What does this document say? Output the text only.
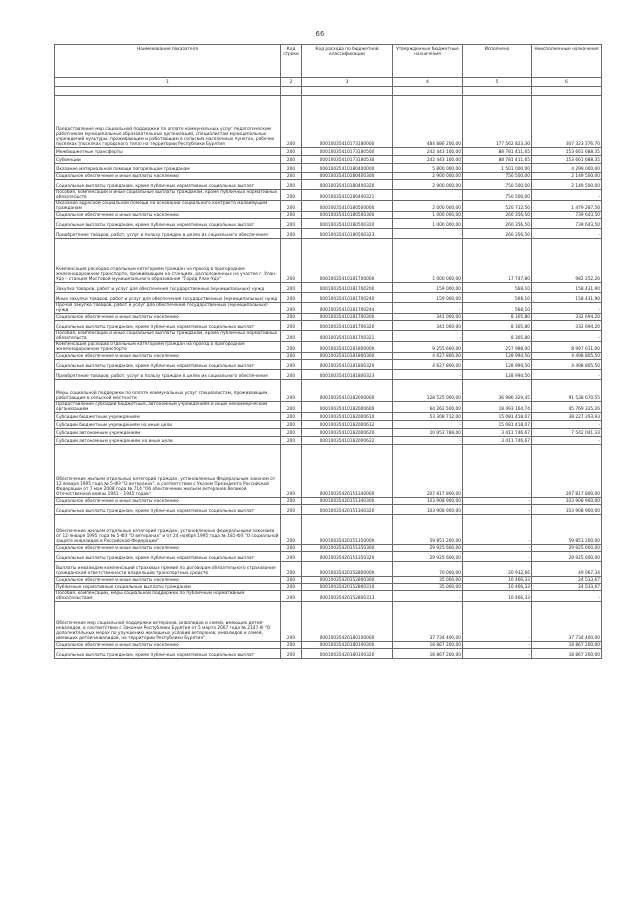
66
Наименование показателя	Код строки	Код расхода по бюджетной классификации	Утвержденные бюджетные назначения	Исполнено	Неисполненные назначения
1	2	3	4	5	6

Предоставление мер социальной поддержки по оплате коммунальных услуг педагогическим работникам муниципальных образовательных организаций, специалистам муниципальных учреждений культуры, проживающим и работающим в сельских населенных пунктах, рабочих поселках (поселках городского типа) на территории Республики Бурятия	200	00010035410173180000	484 886 200,00	177 562 823,30	307 323 376,70
Межбюджетные трансферты	200	00010035410173180500	242 443 100,00	88 781 411,65	153 661 688,35
Субвенции	200	00010035410173180530	242 443 100,00	88 781 411,65	153 661 688,35
Оказание материальной помощи погорельцам гражданам	200	00010035410180400000	5 800 000,00	1 501 000,00	4 299 000,00
Социальное обеспечение и иные выплаты населению	200	00010035410180400300	2 900 000,00	750 500,00	2 149 500,00
Социальные выплаты гражданам, кроме публичных нормативных социальных выплат	200	00010035410180400320	2 900 000,00	750 500,00	2 149 500,00
Пособия, компенсации и иные социальные выплаты гражданам, кроме публичных нормативных обязательств	200	00010035410180400321	-	750 500,00	-
Оказание адресной социальной помощи на основании социального контракта малоимущим гражданам	200	00010035410180500000	2 000 000,00	520 712,50	1 479 287,50
Социальное обеспечение и иные выплаты населению	200	00010035410180500300	1 000 000,00	260 356,50	739 643,50
Социальные выплаты гражданам, кроме публичных нормативных социальных выплат	200	00010035410180500320	1 000 000,00	260 356,50	739 643,50
Приобретение товаров, работ, услуг в пользу граждан в целях их социального обеспечения	200	00010035410180500323	-	260 356,50	-
Компенсация расходов отдельным категориям граждан на проезд в пригородном железнодорожном транспорте, проживающим на станциях, расположенных на участке г. Улан-Удэ – станция Мостовой муниципального образования "Город Улан-Удэ"	200	00010035410181700000	1 000 000,00	17 747,80	982 252,20
Закупка товаров, работ и услуг для обеспечения государственных (муниципальных) нужд	200	00010035410181700200	159 000,00	568,10	158 431,90
Иные закупки товаров, работ и услуг для обеспечения государственных (муниципальных) нужд	200	00010035410181700240	159 000,00	568,10	158 431,90
Прочая закупка товаров, работ и услуг для обеспечения государственных (муниципальных) нужд	200	00010035410181700244	-	568,10	-
Социальное обеспечение и иные выплаты населению	200	00010035410181700300	341 000,00	8 305,80	332 694,20
Социальные выплаты гражданам, кроме публичных нормативных социальных выплат	200	00010035410181700320	341 000,00	8 305,80	332 694,20
Пособия, компенсации и иные социальные выплаты гражданам, кроме публичных нормативных обязательств	200	00010035410181700321	-	8 305,80	-
Компенсация расходов отдельным категориям граждан на проезд в пригородном железнодорожном транспорте	200	00010035410181800000	9 255 600,00	257 988,00	8 997 611,00
Социальное обеспечение и иные выплаты населению	200	00010035410181800300	4 627 800,00	128 994,50	4 498 805,50
Социальные выплаты гражданам, кроме публичных нормативных социальных выплат	200	00010035410181800320	4 627 800,00	128 994,50	4 498 805,50
Приобретение товаров, работ, услуг в пользу граждан в целях их социального обеспечения	200	00010035410181800323	-	128 994,50	-
Меры социальной поддержки по оплате коммунальных услуг специалистам, проживающим, работающим в сельской местности	200	00010035410182000000	128 525 000,00	36 986 329,45	91 538 670,55
Предоставление субсидий бюджетным, автономным учреждениям и иным некоммерческим организациям	200	00010035410182000600	64 262 500,00	18 493 164,74	45 769 335,26
Субсидии бюджетным учреждениям	200	00010035410182000610	53 308 712,00	15 081 418,07	38 227 293,93
Субсидии бюджетным учреждениям на иные цели	200	00010035410182000612	-	15 081 418,07	-
Субсидии автономным учреждениям	200	00010035410182000620	10 953 788,00	3 411 746,67	7 542 041,33
Субсидии автономным учреждениям на иные цели	200	00010035410182000622	-	3 411 746,67	-
Обеспечение жильем отдельных категорий граждан, установленных Федеральным законом от 12 января 1995 года № 5-ФЗ "О ветеранах", в соответствии с Указом Президента Российской Федерации от 7 мая 2008 года № 714 "Об обеспечении жильем ветеранов Великой Отечественной войны 1941 – 1945 годов"	200	00010035420151340000	207 817 800,00	-	207 817 800,00
Социальное обеспечение и иные выплаты населению	200	00010035420151340300	103 908 900,00	-	103 908 900,00
Социальные выплаты гражданам, кроме публичных нормативных социальных выплат	200	00010035420151340320	103 908 900,00	-	103 908 900,00
Обеспечение жильем отдельных категорий граждан, установленных федеральными законами от 12 января 1995 года № 5-ФЗ "О ветеранах" и от 24 ноября 1995 года № 181-ФЗ "О социальной защите инвалидов в Российской Федерации"	200	00010035420151350000	59 851 200,00	-	59 851 200,00
Социальное обеспечение и иные выплаты населению	200	00010035420151350300	29 925 600,00	-	29 925 600,00
Социальные выплаты гражданам, кроме публичных нормативных социальных выплат	200	00010035420151350320	29 925 600,00	-	29 925 600,00
Выплаты инвалидам компенсаций страховых премий по договорам обязательного страхования гражданской ответственности владельцев транспортных средств	200	00010035420152800000	70 000,00	20 932,66	49 067,34
Социальное обеспечение и иные выплаты населению	200	00010035420152800300	35 000,00	10 466,33	24 533,67
Публичные нормативные социальные выплаты гражданам	200	00010035420152800310	35 000,00	10 466,33	24 533,67
Пособия, компенсации, меры социальной поддержки по публичным нормативным обязательствам	200	00010035420152800313	-	10 466,33	-
Обеспечение мер социальной поддержки ветеранов, инвалидов и семей, имеющих детей-инвалидов, в соответствии с Законом Республики Бурятия от 5 марта 2007 года № 2147-III "О дополнительных мерах по улучшению жилищных условий ветеранов, инвалидов и семей, имеющих детей-инвалидов, на территории Республики Бурятия"	200	00010035420180100000	37 734 400,00	-	37 734 400,00
Социальное обеспечение и иные выплаты населению	200	00010035420180100300	18 867 200,00	-	18 867 200,00
Социальные выплаты гражданам, кроме публичных нормативных социальных выплат	200	00010035420180100320	18 867 200,00	-	18 867 200,00
